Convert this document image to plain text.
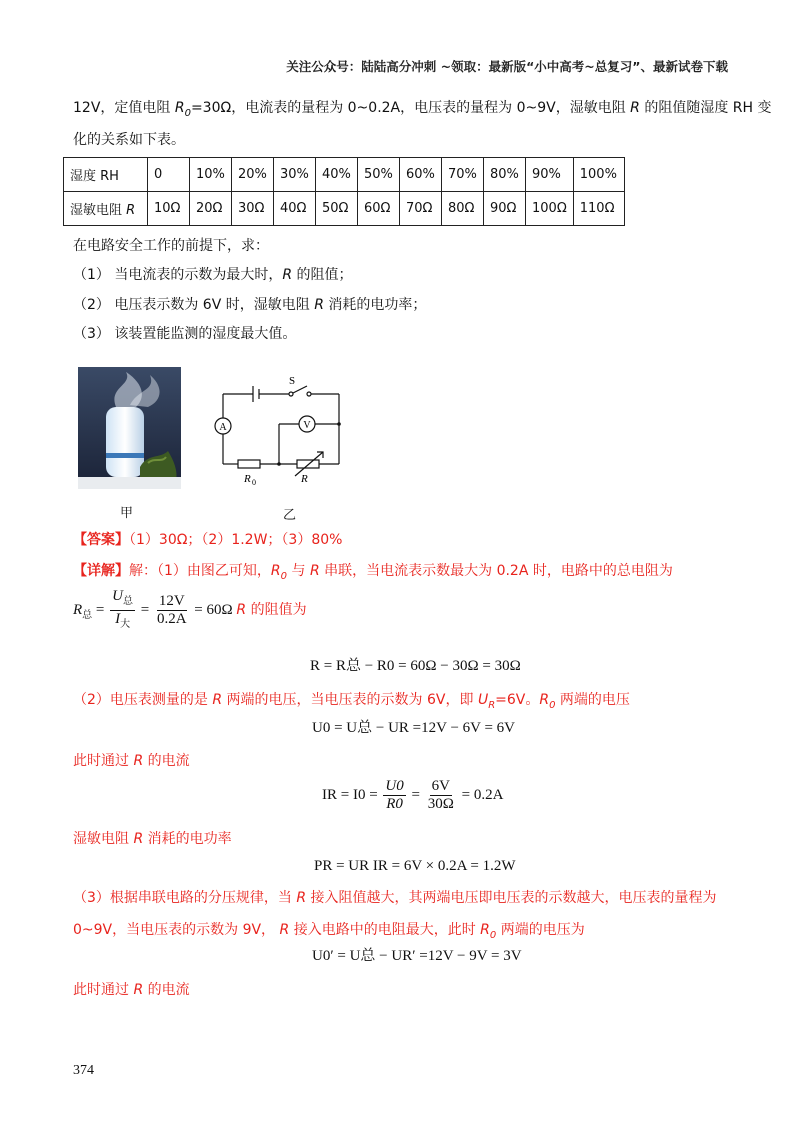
关注公众号：陆陆高分冲刺 ~领取：最新版“小中高考~总复习”、最新试卷下载
12V，定值电阻 $R_0=30\Omega$，电流表的量程为 0~0.2A，电压表的量程为 0~9V，湿敏电阻 R 的阻值随湿度 RH 变
化的关系如下表。
湿度 RH	0	10%	20%	30%	40%	50%	60%	70%	80%	90%	100%
湿敏电阻 R	10Ω	20Ω	30Ω	40Ω	50Ω	60Ω	70Ω	80Ω	90Ω	100Ω	110Ω
在电路安全工作的前提下，求：
（1） 当电流表的示数为最大时，R 的阻值；
（2） 电压表示数为 6V 时，湿敏电阻 R 消耗的电功率；
（3） 该装置能监测的湿度最大值。
S
A	V
R 0	R
甲	乙
【答案】（1）30Ω；（2）1.2W；（3）80%
【详解】解：（1）由图乙可知，$R_0$ 与 R 串联，当电流表示数最大为 0.2A 时，电路中的总电阻为
$R_总 = \frac{U_总}{I_大} = \frac{12V}{0.2A} = 60\Omega$ R 的阻值为
R = R总 − R0 = 60Ω − 30Ω = 30Ω
（2）电压表测量的是 R 两端的电压，当电压表的示数为 6V，即 $U_R=6V$。$R_0$ 两端的电压
U0 = U总 − UR =12V − 6V = 6V
此时通过 R 的电流
IR = $I0 = \frac{U0}{R0} = \frac{6V}{30\Omega} = 0.2A$
湿敏电阻 R 消耗的电功率
PR = UR IR = 6V × 0.2A = 1.2W
（3）根据串联电路的分压规律，当 R 接入阻值越大，其两端电压即电压表的示数越大，电压表的量程为
0~9V，当电压表的示数为 9V， R 接入电路中的电阻最大，此时 $R_0$ 两端的电压为
U0′ = U总 − UR′ =12V − 9V = 3V
此时通过 R 的电流
374
